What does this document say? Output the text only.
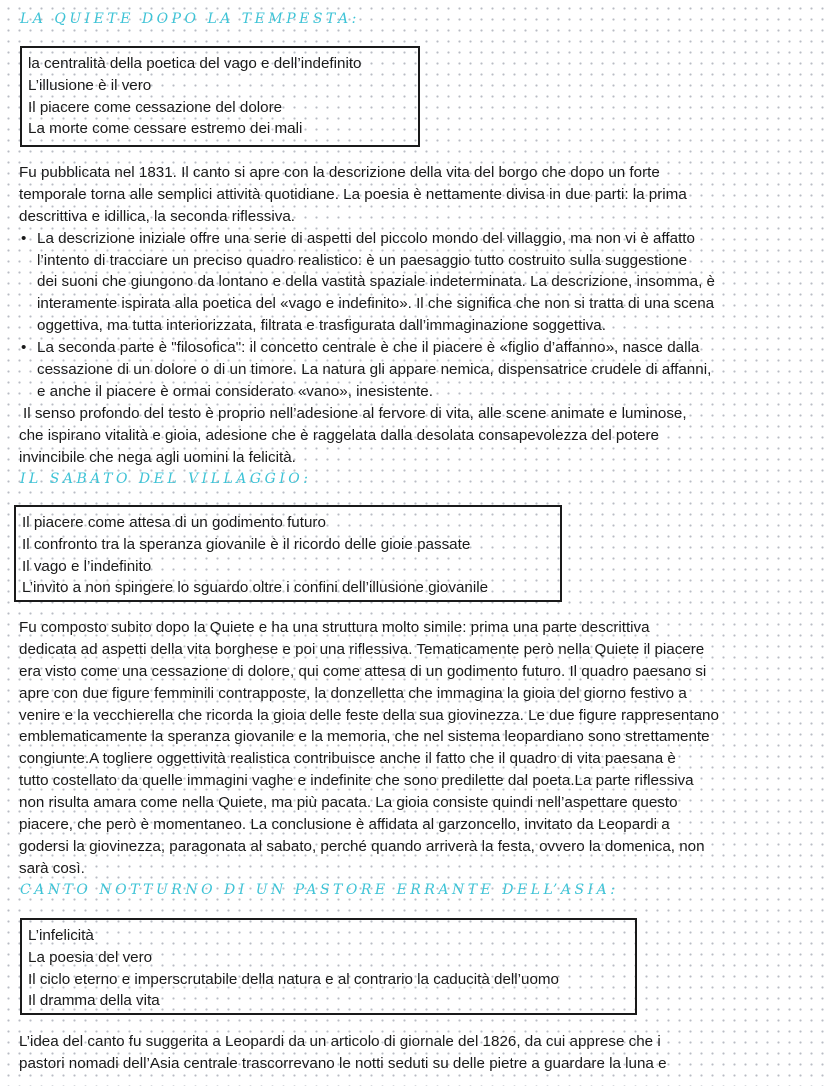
LA QUIETE DOPO LA TEMPESTA:
la centralità della poetica del vago e dell’indefinito
L’illusione è il vero
Il piacere come cessazione del dolore
La morte come cessare estremo dei mali
Fu pubblicata nel 1831. Il canto si apre con la descrizione della vita del borgo che dopo un forte
temporale torna alle semplici attività quotidiane. La poesia è nettamente divisa in due parti: la prima
descrittiva e idillica, la seconda riflessiva.
• La descrizione iniziale offre una serie di aspetti del piccolo mondo del villaggio, ma non vi è affatto
l’intento di tracciare un preciso quadro realistico: è un paesaggio tutto costruito sulla suggestione
dei suoni che giungono da lontano e della vastità spaziale indeterminata. La descrizione, insomma, è
interamente ispirata alla poetica del «vago e indefinito». Il che significa che non si tratta di una scena
oggettiva, ma tutta interiorizzata, filtrata e trasfigurata dall’immaginazione soggettiva.
• La seconda parte è "filosofica": il concetto centrale è che il piacere è «figlio d’affanno», nasce dalla
cessazione di un dolore o di un timore. La natura gli appare nemica, dispensatrice crudele di affanni,
e anche il piacere è ormai considerato «vano», inesistente.
Il senso profondo del testo è proprio nell’adesione al fervore di vita, alle scene animate e luminose,
che ispirano vitalità e gioia, adesione che è raggelata dalla desolata consapevolezza del potere
invincibile che nega agli uomini la felicità.
IL SABATO DEL VILLAGGIO:
Il piacere come attesa di un godimento futuro
Il confronto tra la speranza giovanile è il ricordo delle gioie passate
Il vago e l’indefinito
L’invito a non spingere lo sguardo oltre i confini dell’illusione giovanile
Fu composto subito dopo la Quiete e ha una struttura molto simile: prima una parte descrittiva
dedicata ad aspetti della vita borghese e poi una riflessiva. Tematicamente però nella Quiete il piacere
era visto come una cessazione di dolore, qui come attesa di un godimento futuro. Il quadro paesano si
apre con due figure femminili contrapposte, la donzelletta che immagina la gioia del giorno festivo a
venire e la vecchierella che ricorda la gioia delle feste della sua giovinezza. Le due figure rappresentano
emblematicamente la speranza giovanile e la memoria, che nel sistema leopardiano sono strettamente
congiunte.A togliere oggettività realistica contribuisce anche il fatto che il quadro di vita paesana è
tutto costellato da quelle immagini vaghe e indefinite che sono predilette dal poeta.La parte riflessiva
non risulta amara come nella Quiete, ma più pacata. La gioia consiste quindi nell’aspettare questo
piacere, che però è momentaneo. La conclusione è affidata al garzoncello, invitato da Leopardi a
godersi la giovinezza, paragonata al sabato, perché quando arriverà la festa, ovvero la domenica, non
sarà così.
CANTO NOTTURNO DI UN PASTORE ERRANTE DELL’ASIA:
L’infelicità
La poesia del vero
Il ciclo eterno e imperscrutabile della natura e al contrario la caducità dell’uomo
Il dramma della vita
L’idea del canto fu suggerita a Leopardi da un articolo di giornale del 1826, da cui apprese che i
pastori nomadi dell’Asia centrale trascorrevano le notti seduti su delle pietre a guardare la luna e
